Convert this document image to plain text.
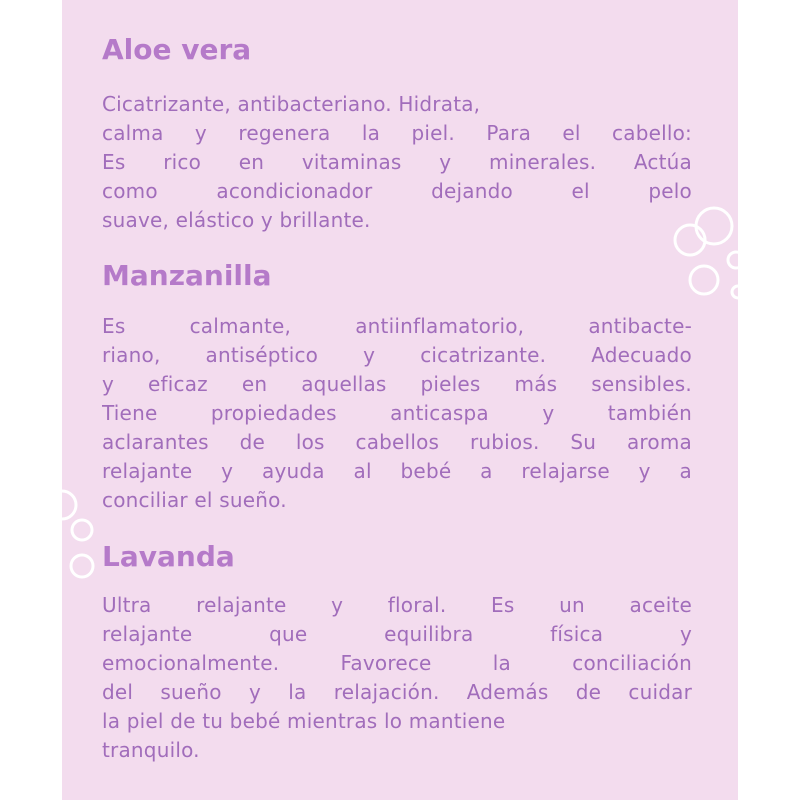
Aloe vera

Cicatrizante, antibacteriano. Hidrata,
calma y regenera la piel. Para el cabello:
Es rico en vitaminas y minerales. Actúa
como acondicionador dejando el pelo
suave, elástico y brillante.

Manzanilla

Es calmante, antiinflamatorio, antibacte-
riano, antiséptico y cicatrizante. Adecuado
y eficaz en aquellas pieles más sensibles.
Tiene propiedades anticaspa y también
aclarantes de los cabellos rubios. Su aroma
relajante y ayuda al bebé a relajarse y a
conciliar el sueño.

Lavanda

Ultra relajante y floral. Es un aceite
relajante que equilibra física y
emocionalmente. Favorece la conciliación
del sueño y la relajación. Además de cuidar
la piel de tu bebé mientras lo mantiene
tranquilo.
